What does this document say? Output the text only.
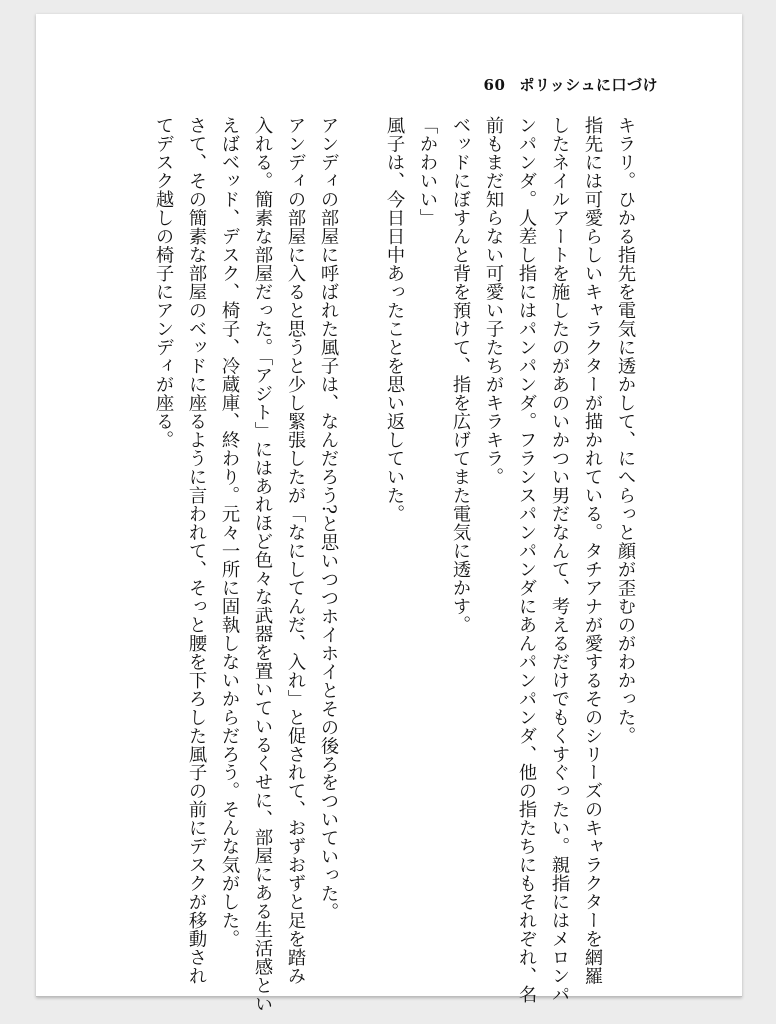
60 ポリッシュに口づけ
キラリ。ひかる指先を電気に透かして、にへらっと顔が歪むのがわかった。
指先には可愛らしいキャラクターが描かれている。タチアナが愛するそのシリーズのキャラクターを網羅
したネイルアートを施したのがあのいかつい男だなんて、考えるだけでもくすぐったい。親指にはメロンパ
ンパンダ。人差し指にはパンパンダ。フランスパンパンダにあんパンパンダ、他の指たちにもそれぞれ、名
前もまだ知らない可愛い子たちがキラキラ。
ベッドにぼすんと背を預けて、指を広げてまた電気に透かす。
「かわいい」
風子は、今日日中あったことを思い返していた。
アンディの部屋に呼ばれた風子は、なんだろう?と思いつつホイホイとその後ろをついていった。
アンディの部屋に入ると思うと少し緊張したが「なにしてんだ、入れ」と促されて、おずおずと足を踏み
入れる。簡素な部屋だった。「アジト」にはあれほど色々な武器を置いているくせに、部屋にある生活感とい
えばベッド、デスク、椅子、冷蔵庫、終わり。元々一所に固執しないからだろう。そんな気がした。
さて、その簡素な部屋のベッドに座るように言われて、そっと腰を下ろした風子の前にデスクが移動され
てデスク越しの椅子にアンディが座る。
